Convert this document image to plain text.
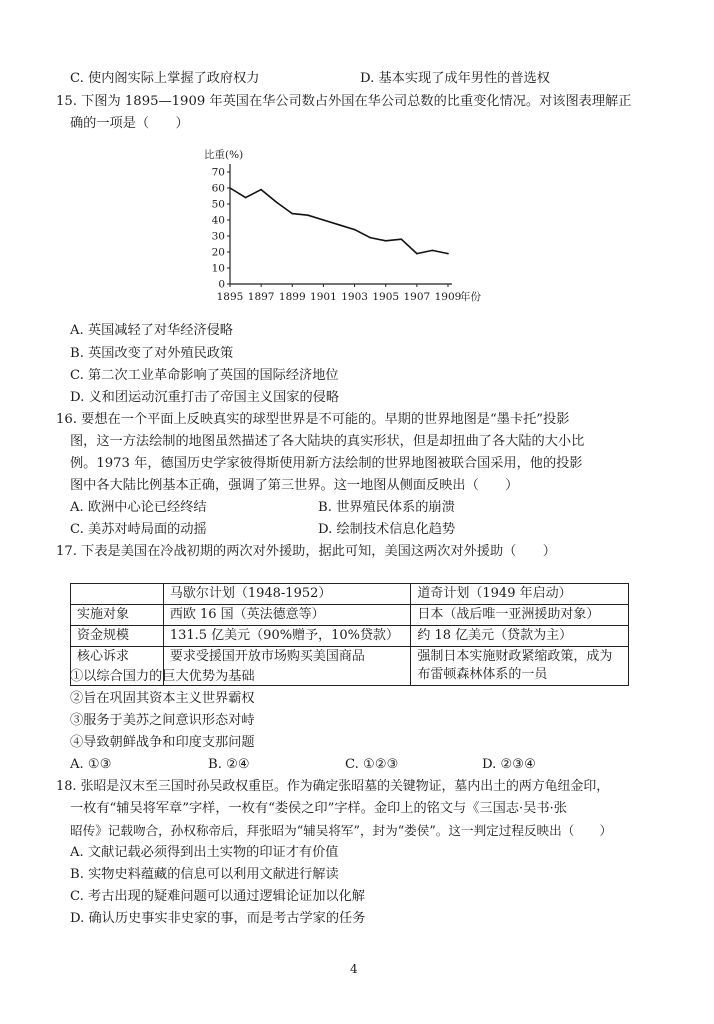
C. 使内阁实际上掌握了政府权力	D. 基本实现了成年男性的普选权
15. 下图为 1895—1909 年英国在华公司数占外国在华公司总数的比重变化情况。对该图表理解正
确的一项是（　　）
比重(%)
年份
0
10
20
30
40
50
60
70
1895 1897 1899 1901 1903 1905 1907 1909
A. 英国减轻了对华经济侵略
B. 英国改变了对外殖民政策
C. 第二次工业革命影响了英国的国际经济地位
D. 义和团运动沉重打击了帝国主义国家的侵略
16. 要想在一个平面上反映真实的球型世界是不可能的。早期的世界地图是“墨卡托”投影
图，这一方法绘制的地图虽然描述了各大陆块的真实形状，但是却扭曲了各大陆的大小比
例。1973 年，德国历史学家彼得斯使用新方法绘制的世界地图被联合国采用，他的投影
图中各大陆比例基本正确，强调了第三世界。这一地图从侧面反映出（　　）
A. 欧洲中心论已经终结	B. 世界殖民体系的崩溃
C. 美苏对峙局面的动摇	D. 绘制技术信息化趋势
17. 下表是美国在冷战初期的两次对外援助，据此可知，美国这两次对外援助（　　）
	马歇尔计划（1948-1952）	道奇计划（1949 年启动）
实施对象	西欧 16 国（英法德意等）	日本（战后唯一亚洲援助对象）
资金规模	131.5 亿美元（90%赠予，10%贷款）	约 18 亿美元（贷款为主）
核心诉求	要求受援国开放市场购买美国商品	强制日本实施财政紧缩政策，成为布雷顿森林体系的一员
①以综合国力的巨大优势为基础
②旨在巩固其资本主义世界霸权
③服务于美苏之间意识形态对峙
④导致朝鲜战争和印度支那问题
A. ①③	B. ②④	C. ①②③	D. ②③④
18. 张昭是汉末至三国时孙吴政权重臣。作为确定张昭墓的关键物证，墓内出土的两方龟纽金印，
一枚有“辅吴将军章”字样，一枚有“娄侯之印”字样。金印上的铭文与《三国志·吴书·张
昭传》记载吻合，孙权称帝后，拜张昭为“辅吴将军”，封为“娄侯”。这一判定过程反映出（　　）
A. 文献记载必须得到出土实物的印证才有价值
B. 实物史料蕴藏的信息可以利用文献进行解读
C. 考古出现的疑难问题可以通过逻辑论证加以化解
D. 确认历史事实非史家的事，而是考古学家的任务
4
